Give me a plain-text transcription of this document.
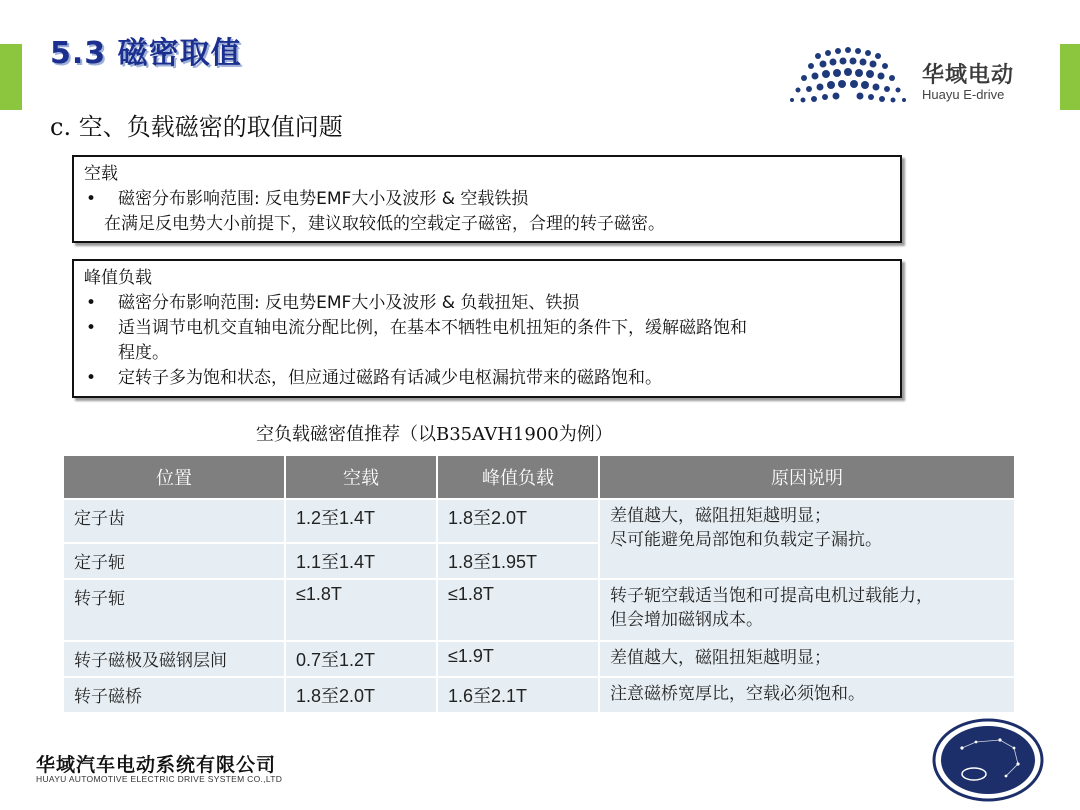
5.3 磁密取值
华域电动
Huayu E-drive
c. 空、负载磁密的取值问题
空载
• 磁密分布影响范围: 反电势EMF大小及波形 & 空载铁损
在满足反电势大小前提下，建议取较低的空载定子磁密，合理的转子磁密。
峰值负载
• 磁密分布影响范围: 反电势EMF大小及波形 & 负载扭矩、铁损
• 适当调节电机交直轴电流分配比例，在基本不牺牲电机扭矩的条件下，缓解磁路饱和
程度。
• 定转子多为饱和状态，但应通过磁路有话减少电枢漏抗带来的磁路饱和。
空负载磁密值推荐（以B35AVH1900为例）
位置	空载	峰值负载	原因说明
定子齿	1.2至1.4T	1.8至2.0T	差值越大，磁阻扭矩越明显；
尽可能避免局部饱和负载定子漏抗。

定子轭	1.1至1.4T	1.8至1.95T	
转子轭	≤1.8T	≤1.8T	转子轭空载适当饱和可提高电机过载能力，
但会增加磁钢成本。

转子磁极及磁钢层间	0.7至1.2T	≤1.9T	差值越大，磁阻扭矩越明显；
转子磁桥	1.8至2.0T	1.6至2.1T	注意磁桥宽厚比，空载必须饱和。
华域汽车电动系统有限公司
HUAYU AUTOMOTIVE ELECTRIC DRIVE SYSTEM CO.,LTD
